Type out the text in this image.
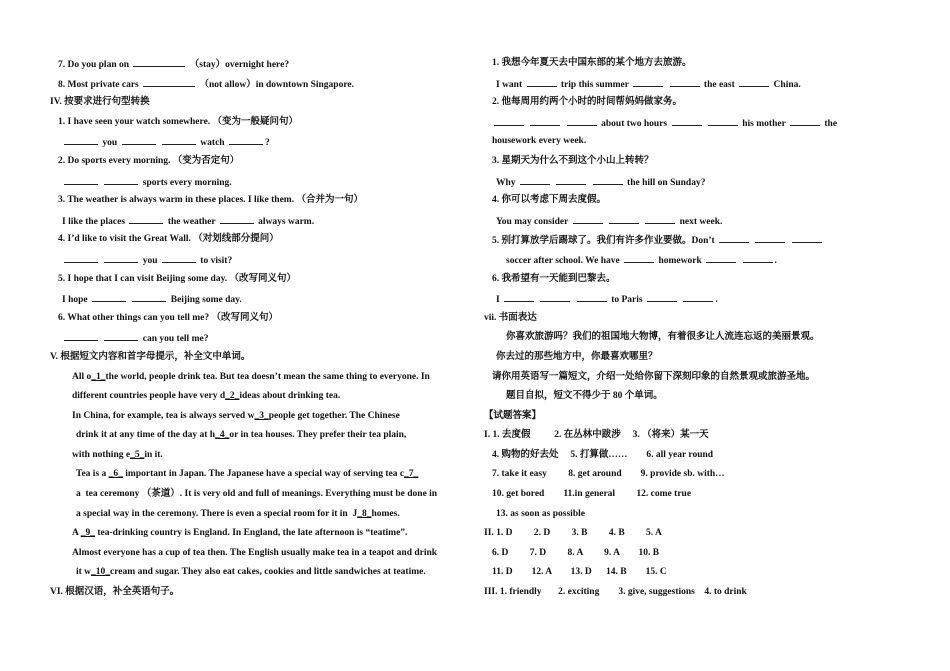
7. Do you plan on	（stay）overnight here?
8. Most private cars	（not allow）in downtown Singapore.
IV. 按要求进行句型转换
1. I have seen your watch somewhere. （变为一般疑问句）
you	watch	?
2. Do sports every morning. （变为否定句）
sports every morning.
3. The weather is always warm in these places. I like them. （合并为一句）
I like the places	the weather	always warm.
4. I’d like to visit the Great Wall. （对划线部分提问）
you	to visit?
5. I hope that I can visit Beijing some day. （改写同义句）
I hope	Beijing some day.
6. What other things can you tell me? （改写同义句）
can you tell me?
V. 根据短文内容和首字母提示，补全文中单词。
All o_1_the world, people drink tea. But tea doesn’t mean the same thing to everyone. In
different countries people have very d_2_ideas about drinking tea.
In China, for example, tea is always served w_3_people get together. The Chinese
drink it at any time of the day at h_4_or in tea houses. They prefer their tea plain,
with nothing e_5_in it.
Tea is a _6_ important in Japan. The Japanese have a special way of serving tea c_7_
a  tea ceremony （茶道）. It is very old and full of meanings. Everything must be done in
a special way in the ceremony. There is even a special room for it in  J_8_homes.
A _9_ tea-drinking country is England. In England, the late afternoon is “teatime”.
Almost everyone has a cup of tea then. The English usually make tea in a teapot and drink
it w_10_cream and sugar. They also eat cakes, cookies and little sandwiches at teatime.
VI. 根据汉语，补全英语句子。
1. 我想今年夏天去中国东部的某个地方去旅游。
I want	trip this summer	the east	China.
2. 他每周用约两个小时的时间帮妈妈做家务。
about two hours	his mother	the
housework every week.
3. 星期天为什么不到这个小山上转转？
Why	the hill on Sunday?
4. 你可以考虑下周去度假。
You may consider	next week.
5. 别打算放学后踢球了。我们有许多作业要做。Don’t
soccer after school. We have	homework	.
6. 我希望有一天能到巴黎去。
I	to Paris	.
vii. 书面表达
你喜欢旅游吗？我们的祖国地大物博，有着很多让人流连忘返的美丽景观。
你去过的那些地方中，你最喜欢哪里？
请你用英语写一篇短文，介绍一处给你留下深刻印象的自然景观或旅游圣地。
题目自拟，短文不得少于 80 个单词。
【试题答案】
I. 1. 去度假          2. 在丛林中跋涉     3. （将来）某一天
4. 购物的好去处     5. 打算做……        6. all year round
7. take it easy         8. get around        9. provide sb. with…
10. get bored        11.in general         12. come true
13. as soon as possible
II. 1. D         2. D         3. B         4. B         5. A
6. D         7. D         8. A         9. A        10. B
11. D        12. A        13. D      14. B        15. C
III. 1. friendly       2. exciting        3. give, suggestions    4. to drink
